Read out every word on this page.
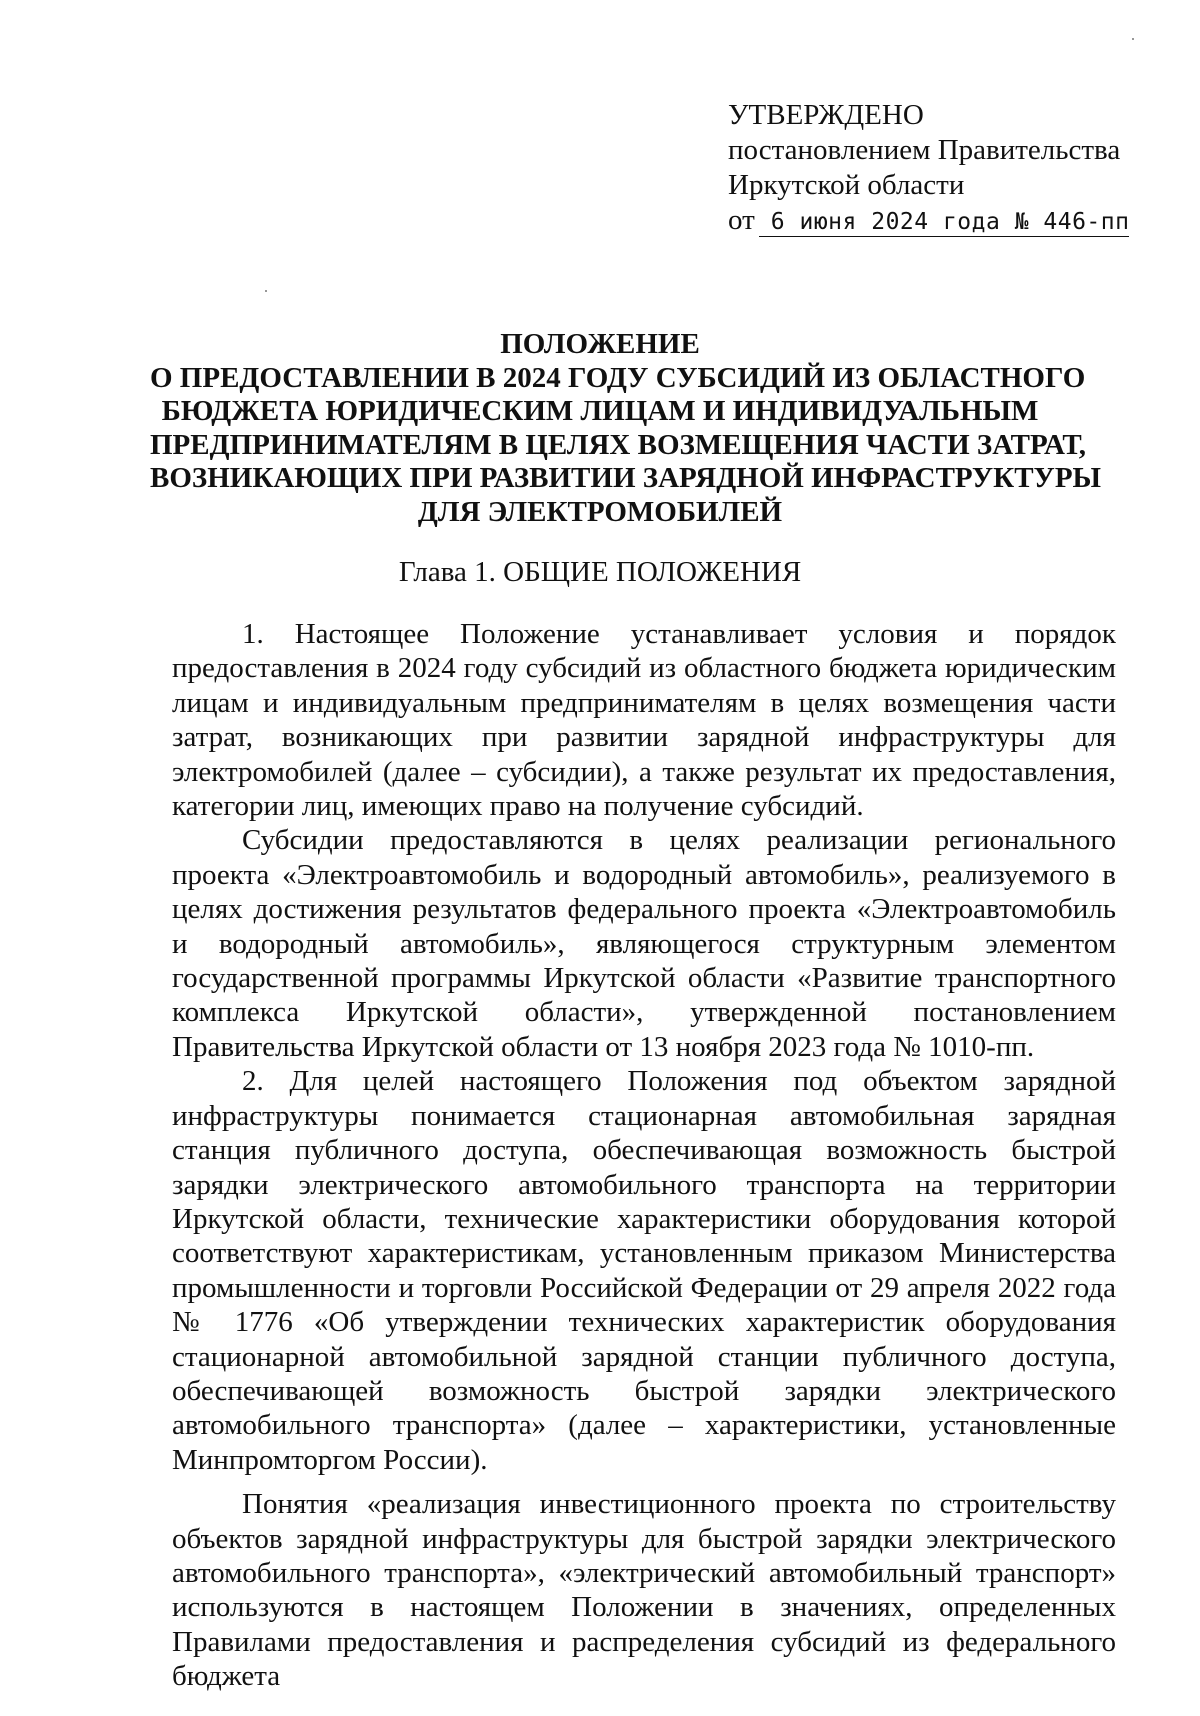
УТВЕРЖДЕНО
постановлением Правительства
Иркутской области
от 6 июня 2024 года № 446-пп
ПОЛОЖЕНИЕ
О ПРЕДОСТАВЛЕНИИ В 2024 ГОДУ СУБСИДИЙ ИЗ ОБЛАСТНОГО
БЮДЖЕТА ЮРИДИЧЕСКИМ ЛИЦАМ И ИНДИВИДУАЛЬНЫМ
ПРЕДПРИНИМАТЕЛЯМ В ЦЕЛЯХ ВОЗМЕЩЕНИЯ ЧАСТИ ЗАТРАТ,
ВОЗНИКАЮЩИХ ПРИ РАЗВИТИИ ЗАРЯДНОЙ ИНФРАСТРУКТУРЫ
ДЛЯ ЭЛЕКТРОМОБИЛЕЙ
Глава 1. ОБЩИЕ ПОЛОЖЕНИЯ

1. Настоящее Положение устанавливает условия и порядок предоставления в 2024 году субсидий из областного бюджета юридическим лицам и индивидуальным предпринимателям в целях возмещения части затрат, возникающих при развитии зарядной инфраструктуры для электромобилей (далее – субсидии), а также результат их предоставления, категории лиц, имеющих право на получение субсидий.

Субсидии предоставляются в целях реализации регионального проекта «Электроавтомобиль и водородный автомобиль», реализуемого в целях достижения результатов федерального проекта «Электроавтомобиль и водородный автомобиль», являющегося структурным элементом государственной программы Иркутской области «Развитие транспортного комплекса Иркутской области», утвержденной постановлением Правительства Иркутской области от 13 ноября 2023 года № 1010-пп.

2. Для целей настоящего Положения под объектом зарядной инфраструктуры понимается стационарная автомобильная зарядная станция публичного доступа, обеспечивающая возможность быстрой зарядки электрического автомобильного транспорта на территории Иркутской области, технические характеристики оборудования которой соответствуют характеристикам, установленным приказом Министерства промышленности и торговли Российской Федерации от 29 апреля 2022 года № 1776 «Об утверждении технических характеристик оборудования стационарной автомобильной зарядной станции публичного доступа, обеспечивающей возможность быстрой зарядки электрического автомобильного транспорта» (далее – характеристики, установленные Минпромторгом России).

Понятия «реализация инвестиционного проекта по строительству объектов зарядной инфраструктуры для быстрой зарядки электрического автомобильного транспорта», «электрический автомобильный транспорт» используются в настоящем Положении в значениях, определенных Правилами предоставления и распределения субсидий из федерального бюджета
